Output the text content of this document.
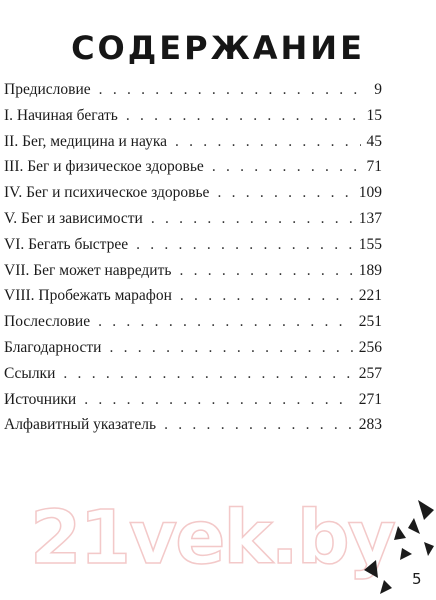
СОДЕРЖАНИЕ
Предисловие . . .	9
I. Начиная бегать . . .	15
II. Бег, медицина и наука . . .	45
III. Бег и физическое здоровье . . .	71
IV. Бег и психическое здоровье . . .	109
V. Бег и зависимости . . .	137
VI. Бегать быстрее . . .	155
VII. Бег может навредить . . .	189
VIII. Пробежать марафон . . .	221
Послесловие . . .	251
Благодарности . . .	256
Ссылки . . .	257
Источники . . .	271
Алфавитный указатель . . .	283
21vek.by 5
